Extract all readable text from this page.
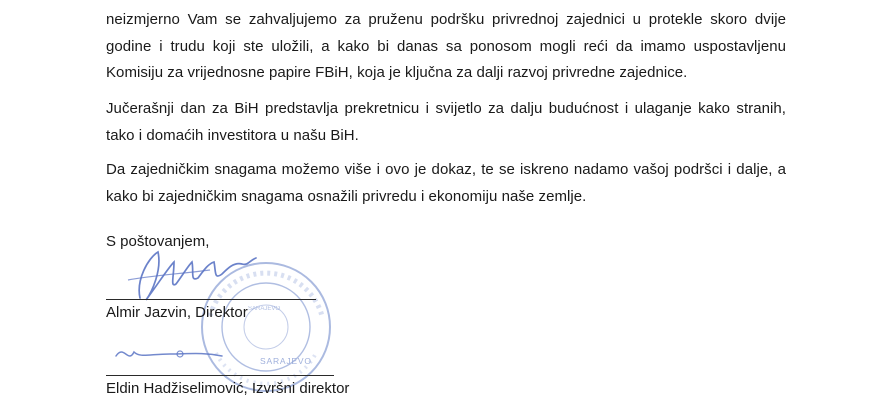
neizmjerno Vam se zahvaljujemo za pruženu podršku privrednoj zajednici u protekle skoro dvije
godine i trudu koji ste uložili, a kako bi danas sa ponosom mogli reći da imamo uspostavljenu
Komisiju za vrijednosne papire FBiH, koja je ključna za dalji razvoj privredne zajednice.
Jučerašnji dan za BiH predstavlja prekretnicu i svijetlo za dalju budućnost i ulaganje kako stranih,
tako i domaćih investitora u našu BiH.
Da zajedničkim snagama možemo više i ovo je dokaz, te se iskreno nadamo vašoj podršci i dalje, a
kako bi zajedničkim snagama osnažili privredu i ekonomiju naše zemlje.
S poštovanjem,
SARAJEVO
SARAJEVO
Almir Jazvin, Direktor
Eldin Hadžiselimović, Izvršni direktor
